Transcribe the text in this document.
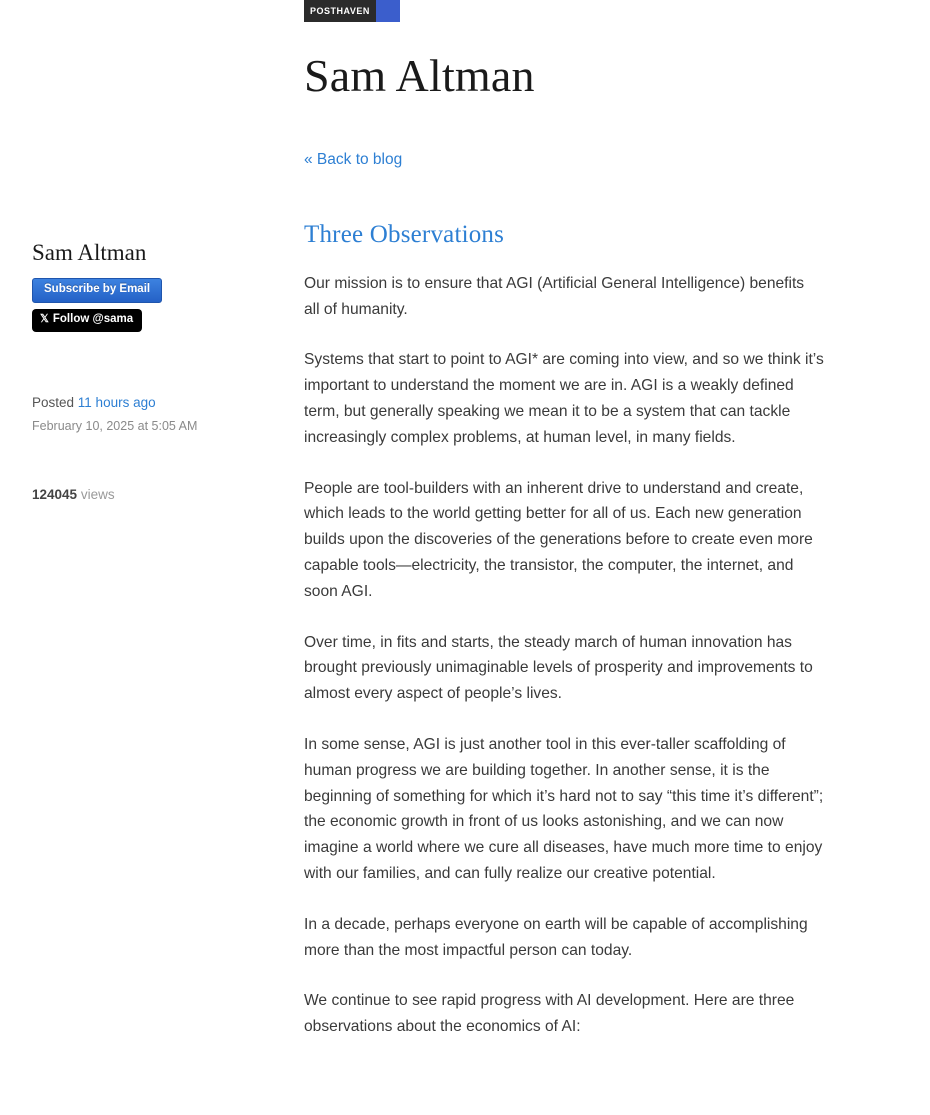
POSTHAVEN
Sam Altman
Subscribe by Email
𝕏 Follow @sama
Posted 11 hours ago
February 10, 2025 at 5:05 AM
124045 views
Sam Altman
« Back to blog
Three Observations

Our mission is to ensure that AGI (Artificial General Intelligence) benefits all of humanity.

Systems that start to point to AGI* are coming into view, and so we think it’s important to understand the moment we are in. AGI is a weakly defined term, but generally speaking we mean it to be a system that can tackle increasingly complex problems, at human level, in many fields.

People are tool-builders with an inherent drive to understand and create, which leads to the world getting better for all of us. Each new generation builds upon the discoveries of the generations before to create even more capable tools—electricity, the transistor, the computer, the internet, and soon AGI.

Over time, in fits and starts, the steady march of human innovation has brought previously unimaginable levels of prosperity and improvements to almost every aspect of people’s lives.

In some sense, AGI is just another tool in this ever-taller scaffolding of human progress we are building together. In another sense, it is the beginning of something for which it’s hard not to say “this time it’s different”; the economic growth in front of us looks astonishing, and we can now imagine a world where we cure all diseases, have much more time to enjoy with our families, and can fully realize our creative potential.

In a decade, perhaps everyone on earth will be capable of accomplishing more than the most impactful person can today.

We continue to see rapid progress with AI development. Here are three observations about the economics of AI:
